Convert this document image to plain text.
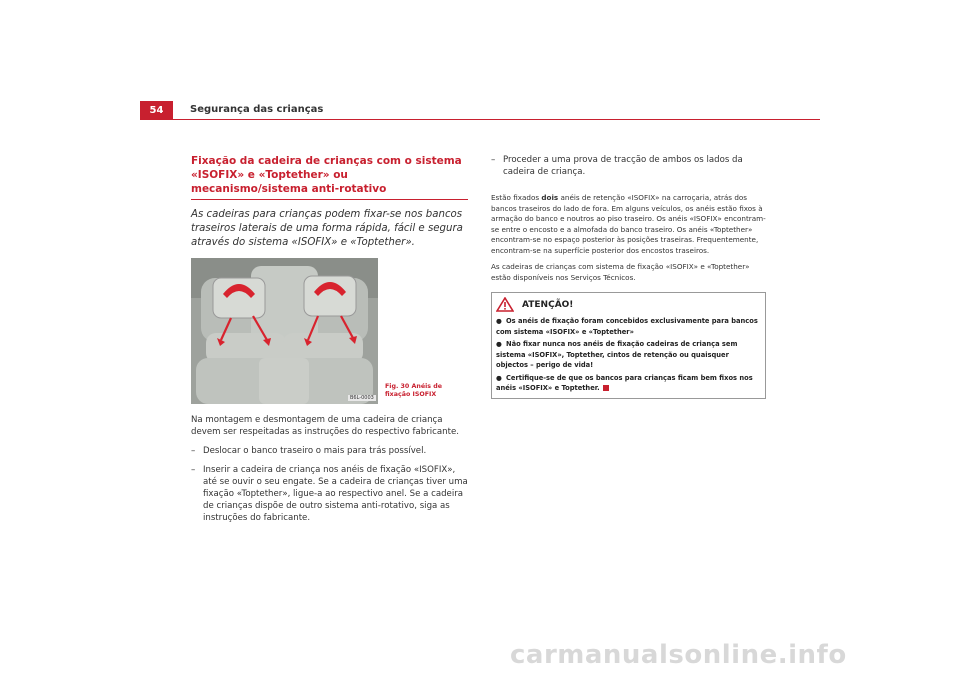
54	Segurança das crianças
Fixação da cadeira de crianças com o sistema «ISOFIX» e «Toptether» ou mecanismo/sistema anti-rotativo

As cadeiras para crianças podem fixar-se nos bancos traseiros laterais de uma forma rápida, fácil e segura através do sistema «ISOFIX» e «Toptether».

B6L-0003
Fig. 30 Anéis de fixação ISOFIX

Na montagem e desmontagem de uma cadeira de criança devem ser respeitadas as instruções do respectivo fabricante.

– Deslocar o banco traseiro o mais para trás possível.
– Inserir a cadeira de criança nos anéis de fixação «ISOFIX», até se ouvir o seu engate. Se a cadeira de crianças tiver uma fixação «Toptether», ligue-a ao respectivo anel. Se a cadeira de crianças dispõe de outro sistema anti-rotativo, siga as instruções do fabricante.
– Proceder a uma prova de tracção de ambos os lados da cadeira de criança.

Estão fixados dois anéis de retenção «ISOFIX» na carroçaria, atrás dos bancos traseiros do lado de fora. Em alguns veículos, os anéis estão fixos à armação do banco e noutros ao piso traseiro. Os anéis «ISOFIX» encontram-se entre o encosto e a almofada do banco traseiro. Os anéis «Toptether» encontram-se no espaço posterior às posições traseiras. Frequentemente, encontram-se na superfície posterior dos encostos traseiros.

As cadeiras de crianças com sistema de fixação «ISOFIX» e «Toptether» estão disponíveis nos Serviços Técnicos.

ATENÇÃO!
● Os anéis de fixação foram concebidos exclusivamente para bancos com sistema «ISOFIX» e «Toptether»
● Não fixar nunca nos anéis de fixação cadeiras de criança sem sistema «ISOFIX», Toptether, cintos de retenção ou quaisquer objectos – perigo de vida!
● Certifique-se de que os bancos para crianças ficam bem fixos nos anéis «ISOFIX» e Toptether.
carmanualsonline.info
